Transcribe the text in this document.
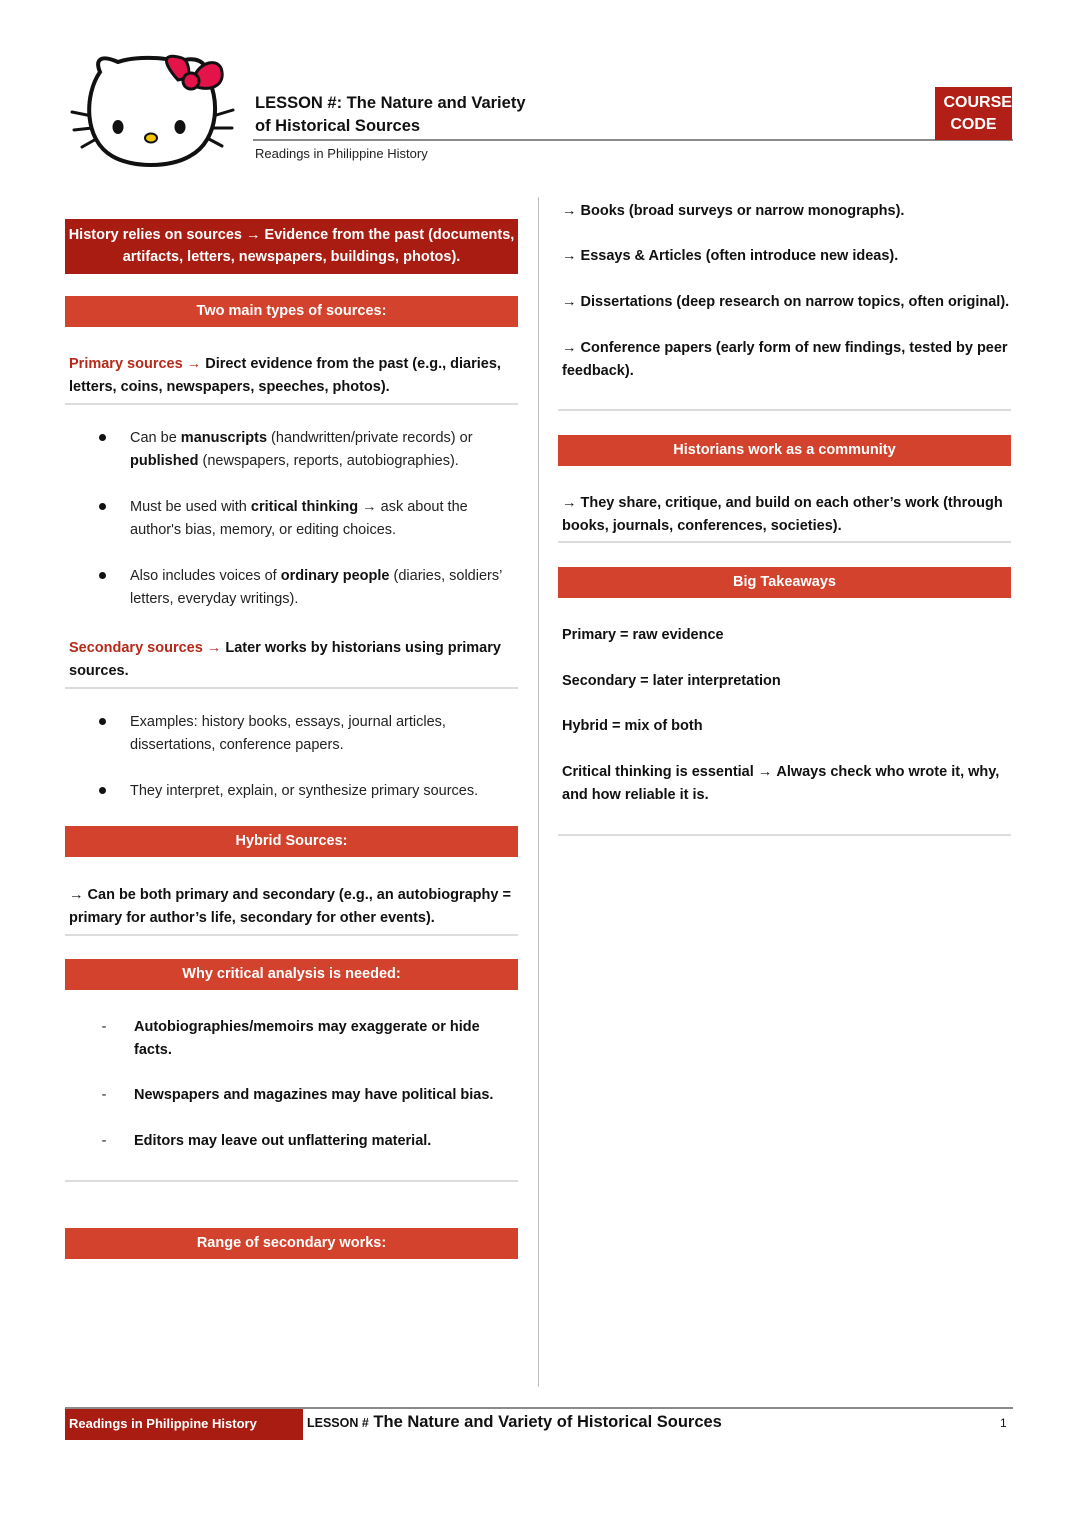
LESSON #: The Nature and Variety of Historical Sources
Readings in Philippine History
COURSE CODE
History relies on sources → Evidence from the past (documents, artifacts, letters, newspapers, buildings, photos).
Two main types of sources:
Primary sources → Direct evidence from the past (e.g., diaries, letters, coins, newspapers, speeches, photos).
Can be manuscripts (handwritten/private records) or published (newspapers, reports, autobiographies).
Must be used with critical thinking → ask about the author's bias, memory, or editing choices.
Also includes voices of ordinary people (diaries, soldiers’ letters, everyday writings).
Secondary sources → Later works by historians using primary sources.
Examples: history books, essays, journal articles, dissertations, conference papers.
They interpret, explain, or synthesize primary sources.
Hybrid Sources:
→ Can be both primary and secondary (e.g., an autobiography = primary for author’s life, secondary for other events).
Why critical analysis is needed:
- Autobiographies/memoirs may exaggerate or hide facts.
- Newspapers and magazines may have political bias.
- Editors may leave out unflattering material.
Range of secondary works:
→ Books (broad surveys or narrow monographs).
→ Essays & Articles (often introduce new ideas).
→ Dissertations (deep research on narrow topics, often original).
→ Conference papers (early form of new findings, tested by peer feedback).
Historians work as a community
→ They share, critique, and build on each other’s work (through books, journals, conferences, societies).
Big Takeaways
Primary = raw evidence
Secondary = later interpretation
Hybrid = mix of both
Critical thinking is essential → Always check who wrote it, why, and how reliable it is.
Readings in Philippine History	LESSON # The Nature and Variety of Historical Sources	1
